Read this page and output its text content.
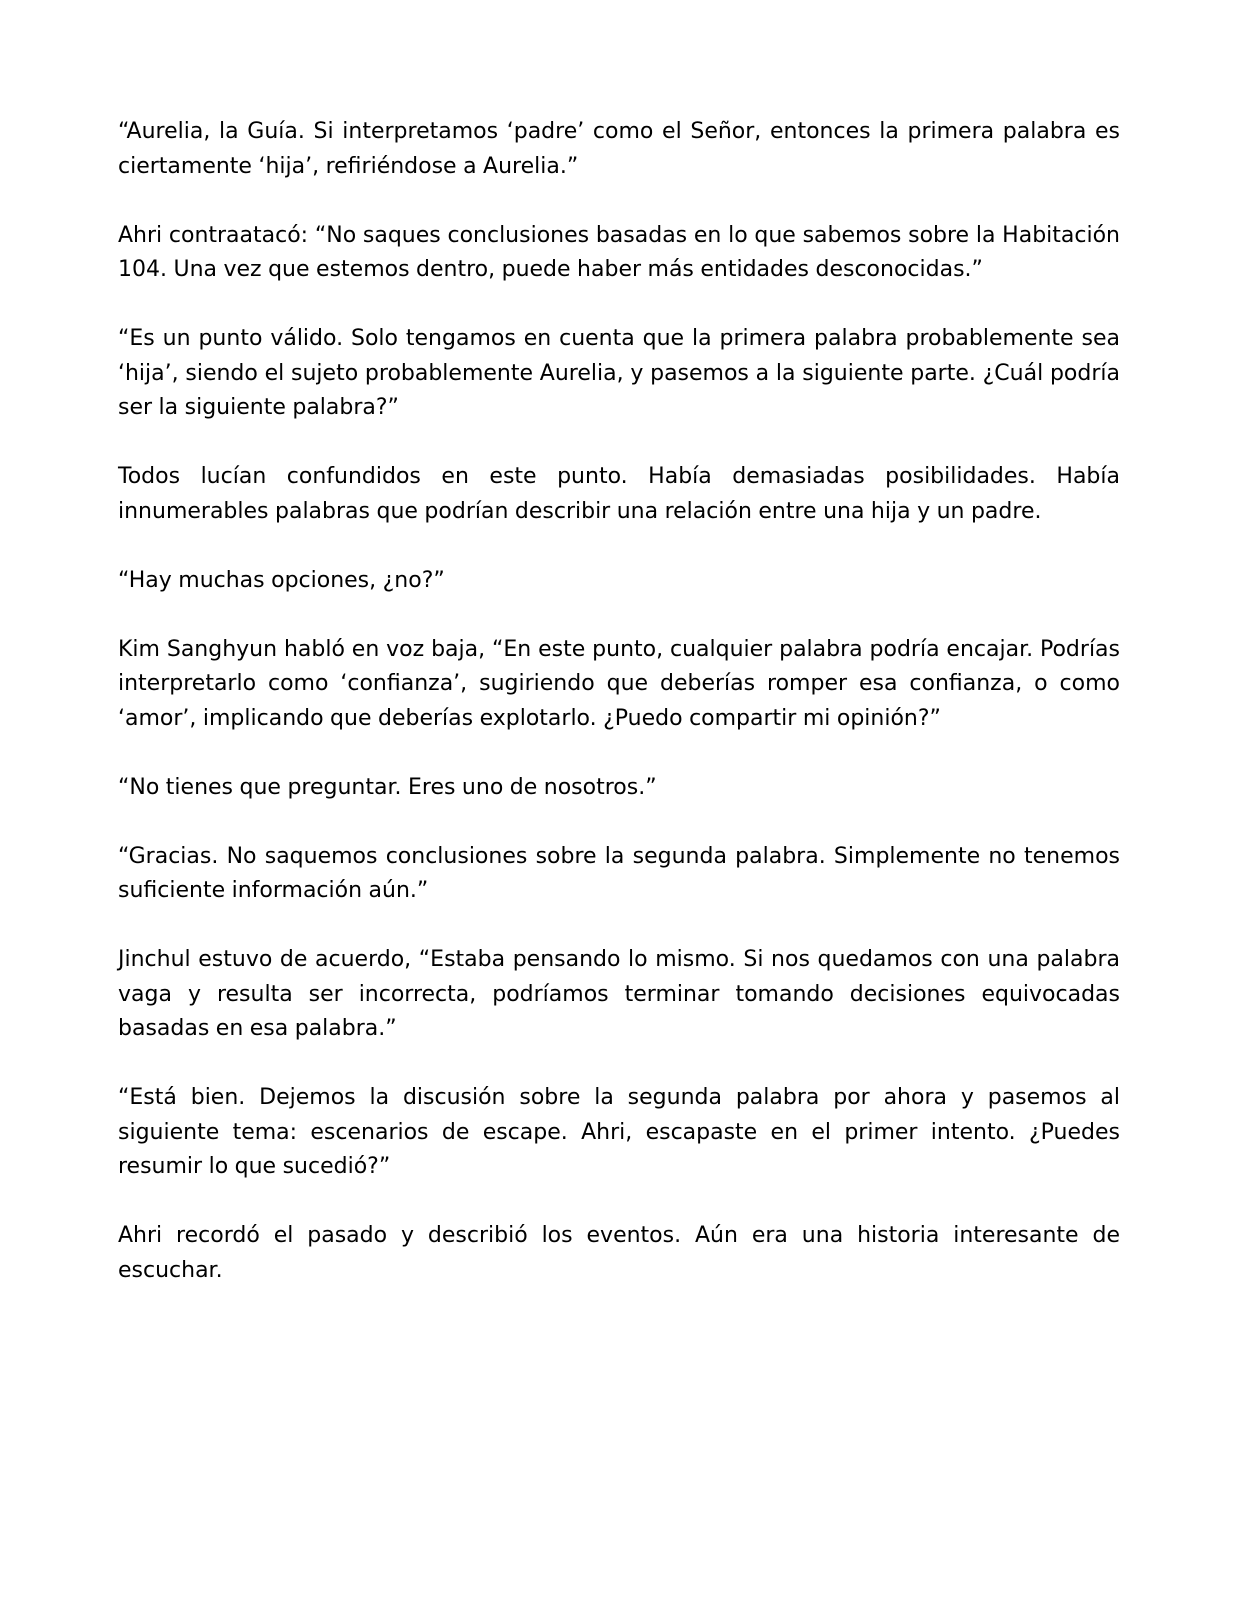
“Aurelia, la Guía. Si interpretamos ‘padre’ como el Señor, entonces la primera palabra es ciertamente ‘hija’, refiriéndose a Aurelia.”

Ahri contraatacó: “No saques conclusiones basadas en lo que sabemos sobre la Habitación 104. Una vez que estemos dentro, puede haber más entidades desconocidas.”

“Es un punto válido. Solo tengamos en cuenta que la primera palabra probablemente sea ‘hija’, siendo el sujeto probablemente Aurelia, y pasemos a la siguiente parte. ¿Cuál podría ser la siguiente palabra?”

Todos lucían confundidos en este punto. Había demasiadas posibilidades. Había innumerables palabras que podrían describir una relación entre una hija y un padre.

“Hay muchas opciones, ¿no?”

Kim Sanghyun habló en voz baja, “En este punto, cualquier palabra podría encajar. Podrías interpretarlo como ‘confianza’, sugiriendo que deberías romper esa confianza, o como ‘amor’, implicando que deberías explotarlo. ¿Puedo compartir mi opinión?”

“No tienes que preguntar. Eres uno de nosotros.”

“Gracias. No saquemos conclusiones sobre la segunda palabra. Simplemente no tenemos suficiente información aún.”

Jinchul estuvo de acuerdo, “Estaba pensando lo mismo. Si nos quedamos con una palabra vaga y resulta ser incorrecta, podríamos terminar tomando decisiones equivocadas basadas en esa palabra.”

“Está bien. Dejemos la discusión sobre la segunda palabra por ahora y pasemos al siguiente tema: escenarios de escape. Ahri, escapaste en el primer intento. ¿Puedes resumir lo que sucedió?”

Ahri recordó el pasado y describió los eventos. Aún era una historia interesante de escuchar.
